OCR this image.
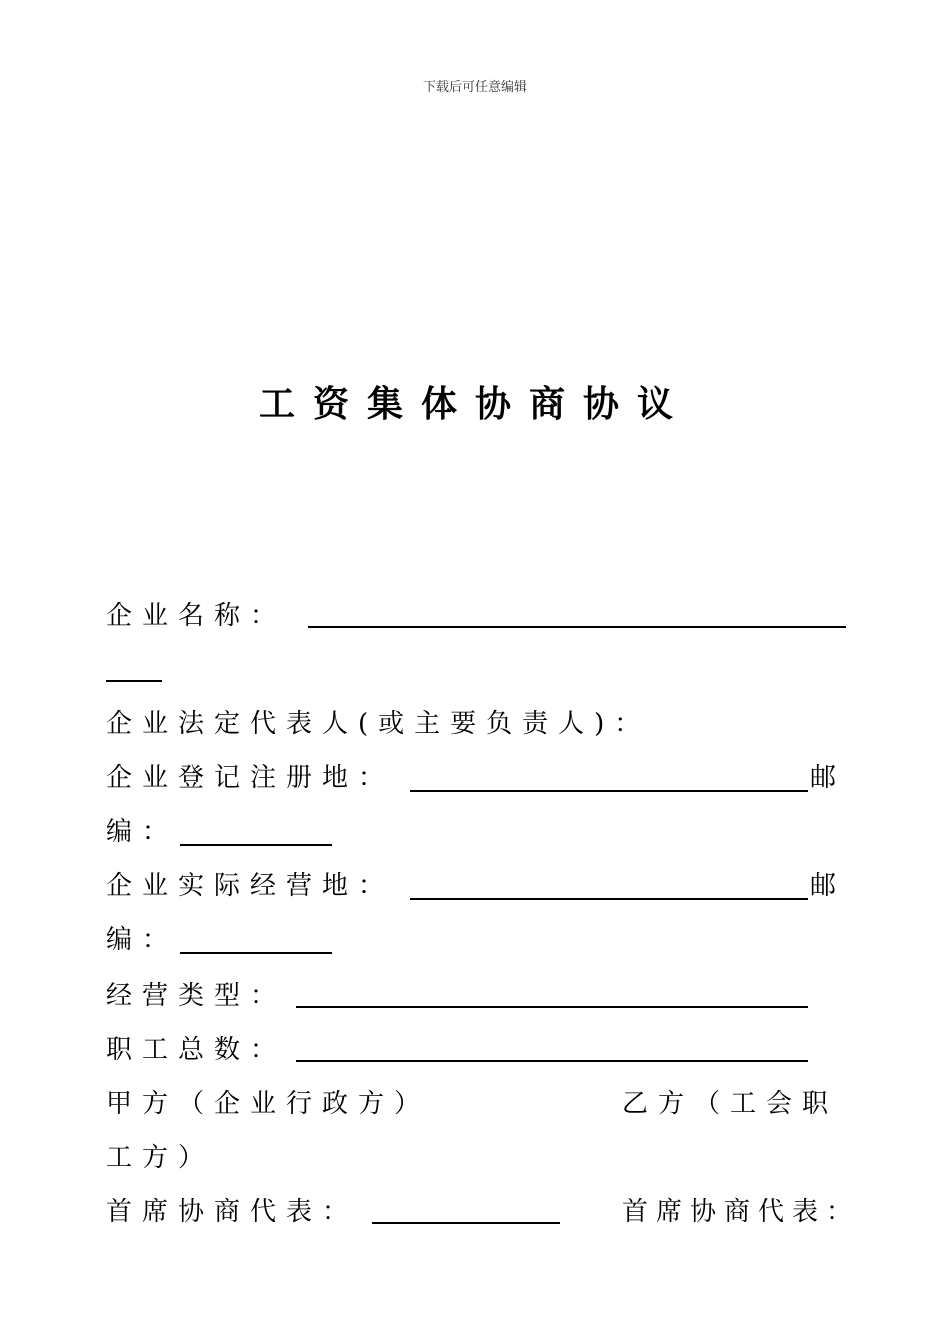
下载后可任意编辑
工资集体协商协议
企业名称：
企业法定代表人(或主要负责人)：
企业登记注册地：	邮
编：
企业实际经营地：	邮
编：
经营类型：
职工总数：
甲方（企业行政方）	乙方（工会职
工方）
首席协商代表：	首席协商代表：
